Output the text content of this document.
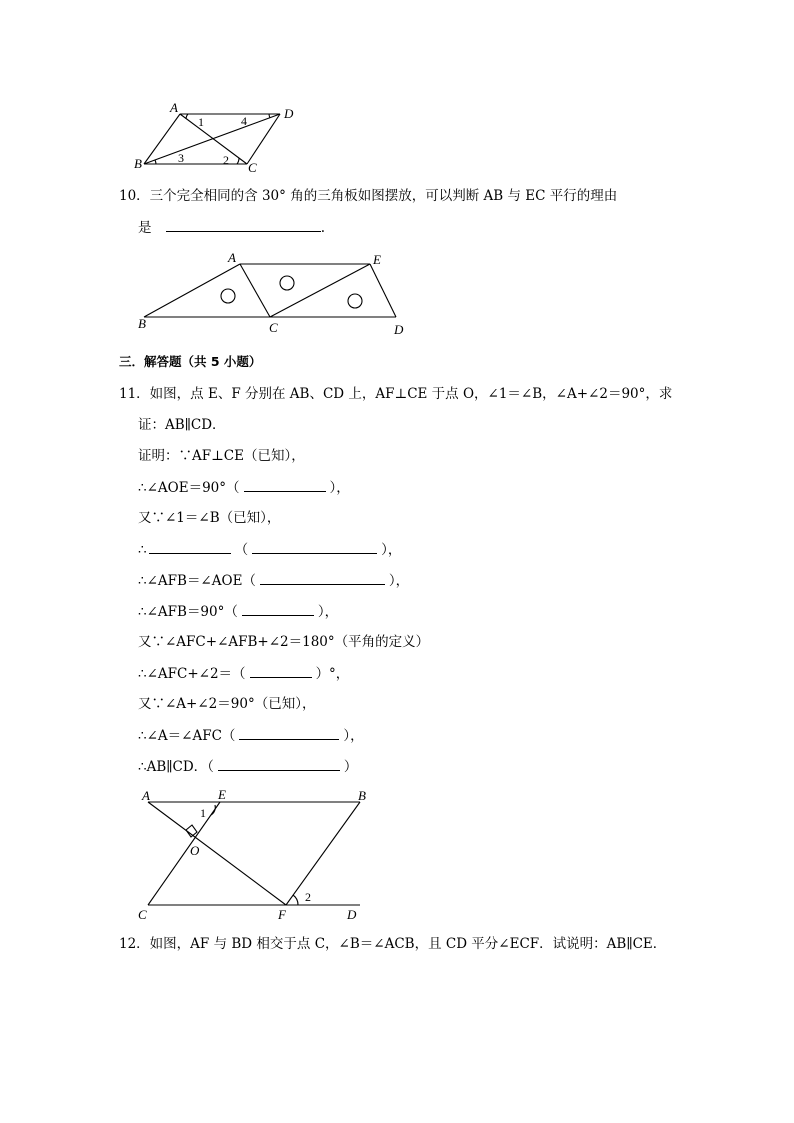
A	D
B	C
1	4
3	2
10．三个完全相同的含 30° 角的三角板如图摆放，可以判断 AB 与 EC 平行的理由
是	.
A	E
B	C	D
三．解答题（共 5 小题）
11．如图，点 E、F 分别在 AB、CD 上，AF⊥CE 于点 O，∠1＝∠B，∠A+∠2＝90°，求
证：AB∥CD．
证明：∵AF⊥CE（已知），
∴∠AOE＝90°（	），
又∵∠1＝∠B（已知），
∴	（	），
∴∠AFB＝∠AOE（	），
∴∠AFB＝90°（	），
又∵∠AFC+∠AFB+∠2＝180°（平角的定义）
∴∠AFC+∠2＝（	）°，
又∵∠A+∠2＝90°（已知），
∴∠A＝∠AFC（	），
∴AB∥CD．（	）
A	E	B
O
C	F	D
1
2
12．如图，AF 与 BD 相交于点 C，∠B＝∠ACB，且 CD 平分∠ECF．试说明：AB∥CE．
